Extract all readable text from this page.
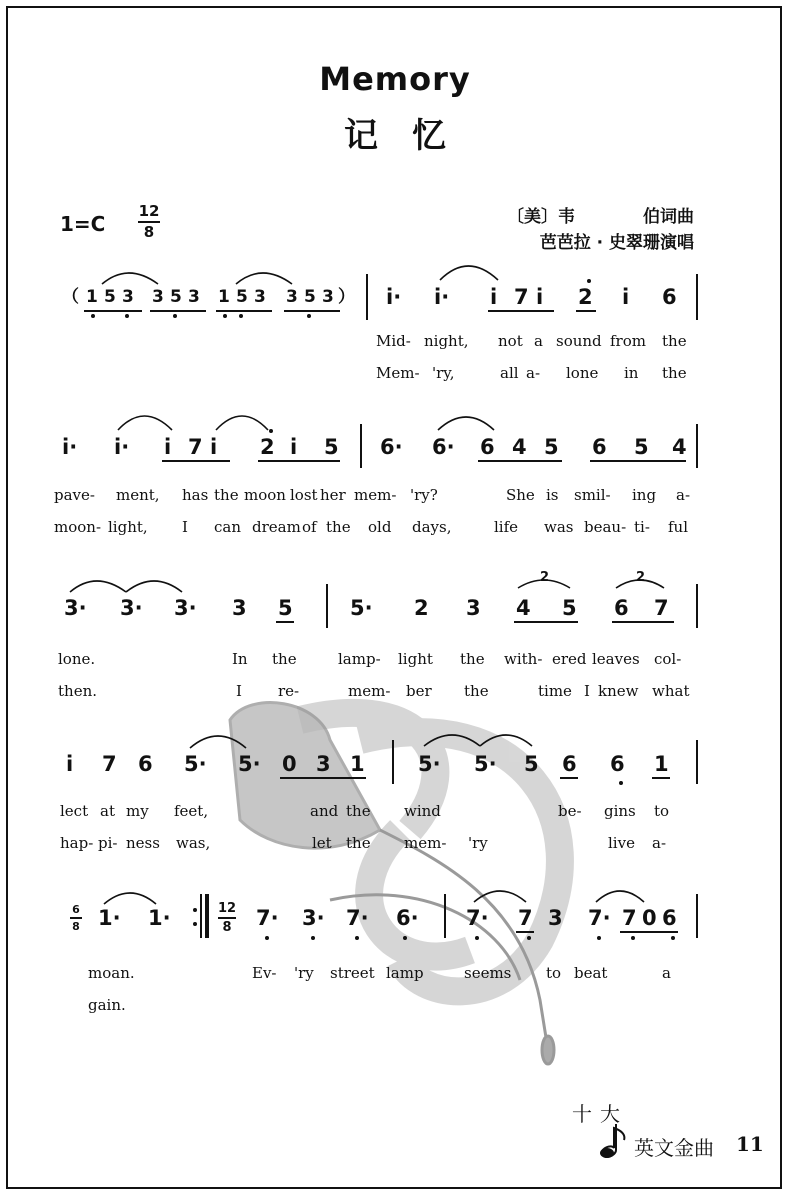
Memory
记忆
$1=C \frac{12}{8}$	〔美〕韦　　　　伯词曲
芭芭拉 · 史翠珊演唱
（ 1 5 3 3 5 3 1 5 3 3 5 3 ） i· i· i 7 i 2 i 6
Mid- night, not a sound from the
Mem- 'ry,	all a- lone in the
i· i· i 7 i 2 i 5 6· 6· 6 4 5 6 5 4
pave- ment, has the moon lost her mem- 'ry?	She is smil- ing a-
moon- light, I can dream of the old days,	life was beau- ti- ful
3· 3· 3· 3 5	5· 2 3 4 5 6 7
2	2
lone.	In the	lamp- light the with- ered leaves col-
then.	I re-	mem- ber the	time I knew what
i 7 6 5· 5· 0 3 1	5· 5· 5 6 6 1
lect at my feet,	and the wind	be- gins to
hap- pi- ness was,	let the mem- 'ry	live a-
$\frac{6}{8} 1\cdot 1\cdot$	$\frac{12}{8} 7\cdot 3\cdot 7\cdot 6\cdot 7\cdot 7$ 3 7· 7 0 6
moan.	Ev- 'ry street lamp	seems to beat	a
gain.
十大
英文金曲 11
